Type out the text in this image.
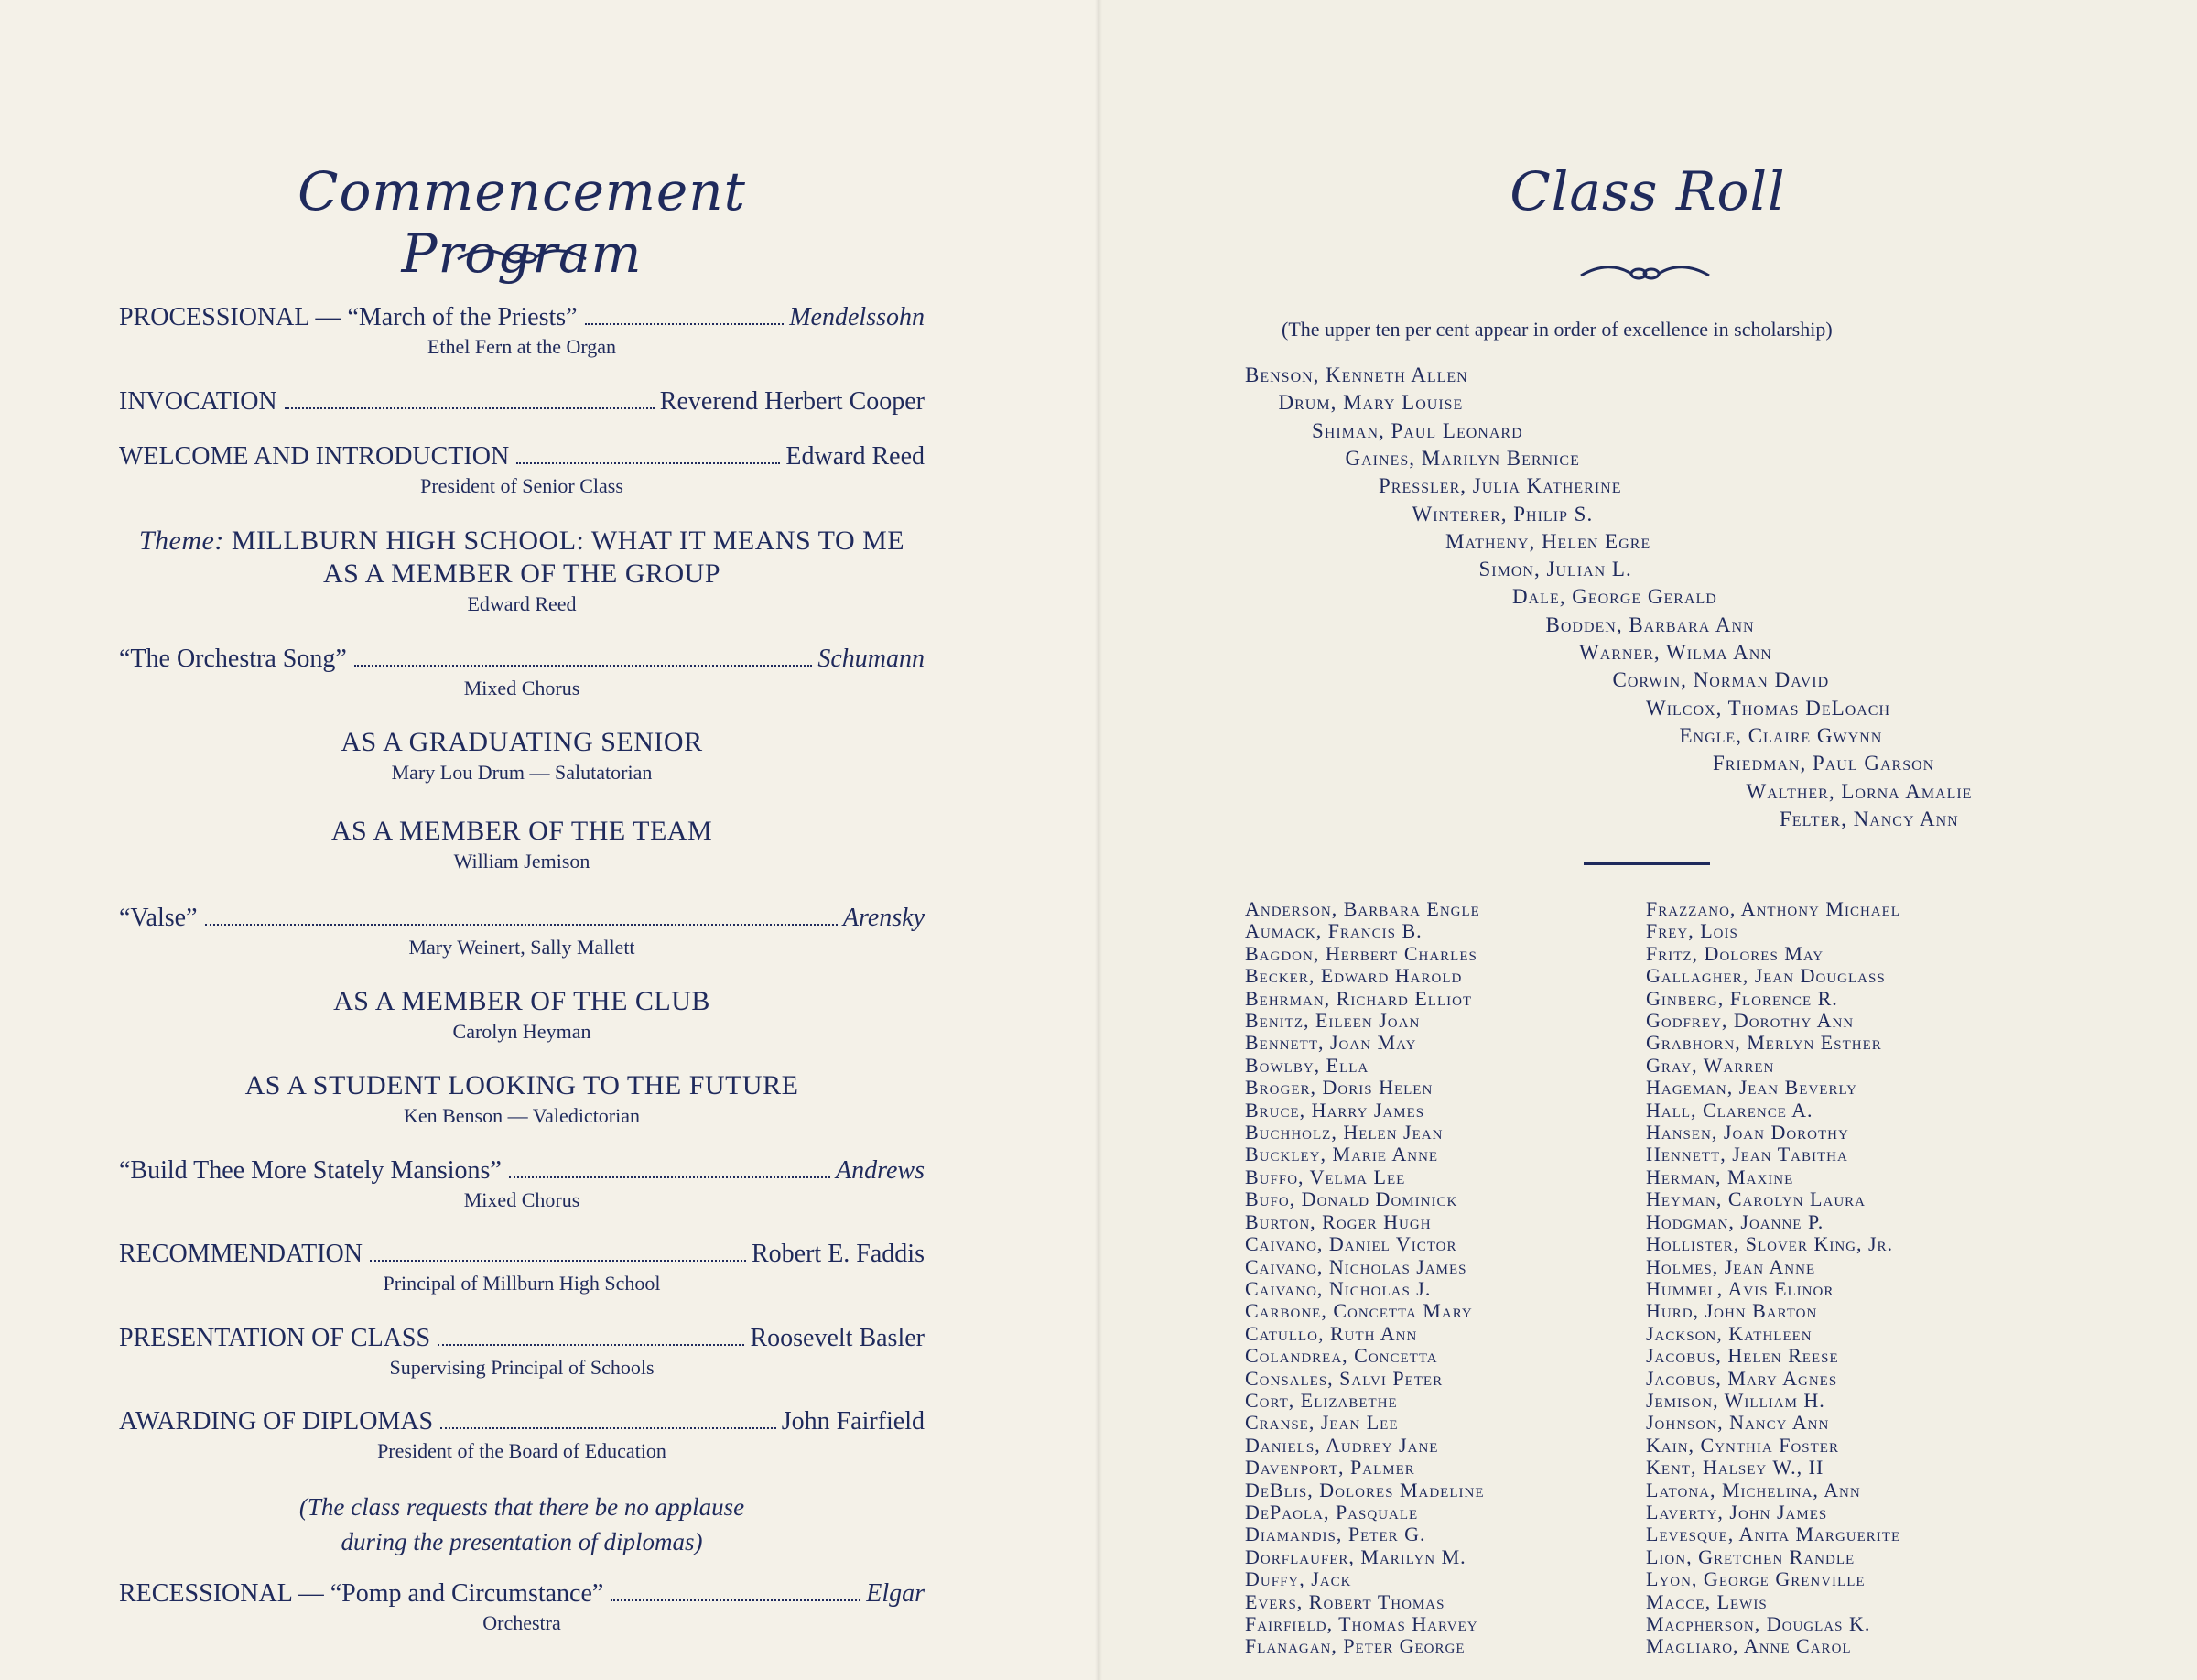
Commencement Program
PROCESSIONAL — “March of the Priests”	Mendelssohn
Ethel Fern at the Organ
INVOCATION	Reverend Herbert Cooper
WELCOME AND INTRODUCTION	Edward Reed
President of Senior Class
Theme: MILLBURN HIGH SCHOOL: WHAT IT MEANS TO ME
AS A MEMBER OF THE GROUP
Edward Reed
“The Orchestra Song”	Schumann
Mixed Chorus
AS A GRADUATING SENIOR
Mary Lou Drum — Salutatorian
AS A MEMBER OF THE TEAM
William Jemison
“Valse”	Arensky
Mary Weinert, Sally Mallett
AS A MEMBER OF THE CLUB
Carolyn Heyman
AS A STUDENT LOOKING TO THE FUTURE
Ken Benson — Valedictorian
“Build Thee More Stately Mansions”	Andrews
Mixed Chorus
RECOMMENDATION	Robert E. Faddis
Principal of Millburn High School
PRESENTATION OF CLASS	Roosevelt Basler
Supervising Principal of Schools
AWARDING OF DIPLOMAS	John Fairfield
President of the Board of Education
(The class requests that there be no applause
during the presentation of diplomas)
RECESSIONAL — “Pomp and Circumstance”	Elgar
Orchestra
Class Roll
(The upper ten per cent appear in order of excellence in scholarship)
Benson, Kenneth Allen
Drum, Mary Louise
Shiman, Paul Leonard
Gaines, Marilyn Bernice
Pressler, Julia Katherine
Winterer, Philip S.
Matheny, Helen Egre
Simon, Julian L.
Dale, George Gerald
Bodden, Barbara Ann
Warner, Wilma Ann
Corwin, Norman David
Wilcox, Thomas DeLoach
Engle, Claire Gwynn
Friedman, Paul Garson
Walther, Lorna Amalie
Felter, Nancy Ann
Anderson, Barbara Engle
Aumack, Francis B.
Bagdon, Herbert Charles
Becker, Edward Harold
Behrman, Richard Elliot
Benitz, Eileen Joan
Bennett, Joan May
Bowlby, Ella
Broger, Doris Helen
Bruce, Harry James
Buchholz, Helen Jean
Buckley, Marie Anne
Buffo, Velma Lee
Bufo, Donald Dominick
Burton, Roger Hugh
Caivano, Daniel Victor
Caivano, Nicholas James
Caivano, Nicholas J.
Carbone, Concetta Mary
Catullo, Ruth Ann
Colandrea, Concetta
Consales, Salvi Peter
Cort, Elizabethe
Cranse, Jean Lee
Daniels, Audrey Jane
Davenport, Palmer
DeBlis, Dolores Madeline
DePaola, Pasquale
Diamandis, Peter G.
Dorflaufer, Marilyn M.
Duffy, Jack
Evers, Robert Thomas
Fairfield, Thomas Harvey
Flanagan, Peter George
Frazzano, Anthony Michael
Frey, Lois
Fritz, Dolores May
Gallagher, Jean Douglass
Ginberg, Florence R.
Godfrey, Dorothy Ann
Grabhorn, Merlyn Esther
Gray, Warren
Hageman, Jean Beverly
Hall, Clarence A.
Hansen, Joan Dorothy
Hennett, Jean Tabitha
Herman, Maxine
Heyman, Carolyn Laura
Hodgman, Joanne P.
Hollister, Slover King, Jr.
Holmes, Jean Anne
Hummel, Avis Elinor
Hurd, John Barton
Jackson, Kathleen
Jacobus, Helen Reese
Jacobus, Mary Agnes
Jemison, William H.
Johnson, Nancy Ann
Kain, Cynthia Foster
Kent, Halsey W., II
Latona, Michelina, Ann
Laverty, John James
Levesque, Anita Marguerite
Lion, Gretchen Randle
Lyon, George Grenville
Macce, Lewis
Macpherson, Douglas K.
Magliaro, Anne Carol
